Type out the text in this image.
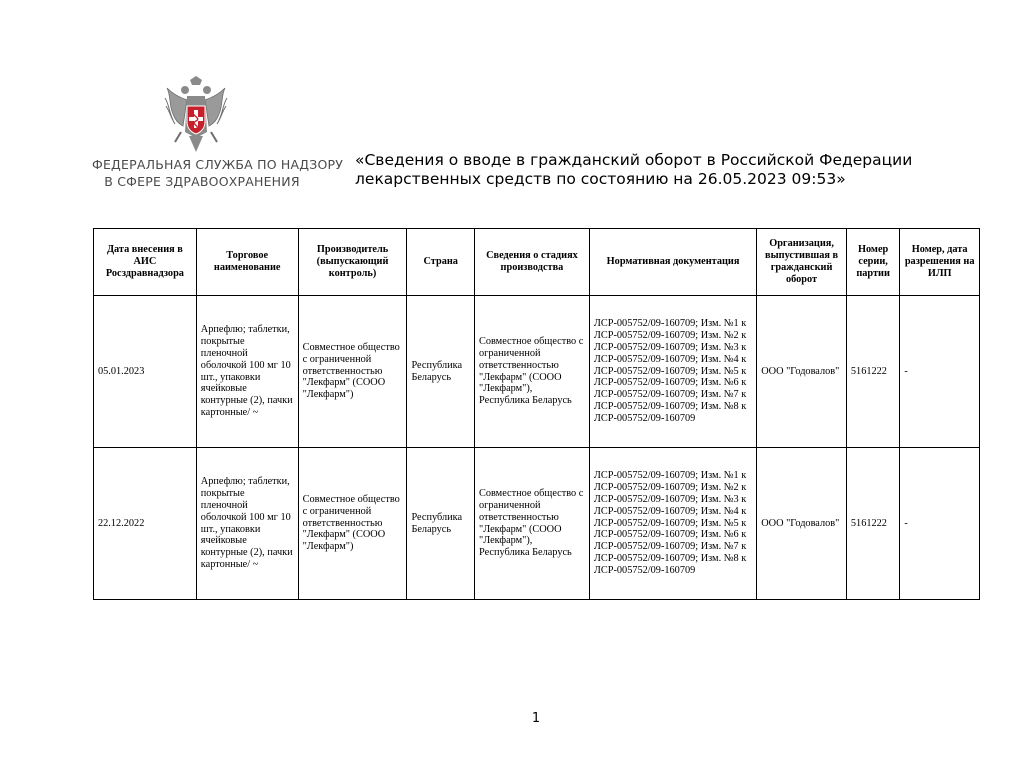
ФЕДЕРАЛЬНАЯ СЛУЖБА ПО НАДЗОРУ
В СФЕРЕ ЗДРАВООХРАНЕНИЯ
«Сведения о вводе в гражданский оборот в Российской Федерации
лекарственных средств по состоянию на 26.05.2023 09:53»
Дата внесения в АИС Росздравнадзора	Торговое наименование	Производитель (выпускающий контроль)	Страна	Сведения о стадиях производства	Нормативная документация	Организация, выпустившая в гражданский оборот	Номер серии, партии	Номер, дата разрешения на ИЛП
05.01.2023	Арпефлю; таблетки, покрытые пленочной оболочкой 100 мг 10 шт., упаковки ячейковые контурные (2), пачки картонные/ ~	Совместное общество с ограниченной ответственностью "Лекфарм" (СООО "Лекфарм")	Республика Беларусь	Совместное общество с ограниченной ответственностью "Лекфарм" (СООО "Лекфарм"), Республика Беларусь	ЛСР-005752/09-160709; Изм. №1 к ЛСР-005752/09-160709; Изм. №2 к ЛСР-005752/09-160709; Изм. №3 к ЛСР-005752/09-160709; Изм. №4 к ЛСР-005752/09-160709; Изм. №5 к ЛСР-005752/09-160709; Изм. №6 к ЛСР-005752/09-160709; Изм. №7 к ЛСР-005752/09-160709; Изм. №8 к ЛСР-005752/09-160709	ООО "Годовалов"	5161222	-
22.12.2022	Арпефлю; таблетки, покрытые пленочной оболочкой 100 мг 10 шт., упаковки ячейковые контурные (2), пачки картонные/ ~	Совместное общество с ограниченной ответственностью "Лекфарм" (СООО "Лекфарм")	Республика Беларусь	Совместное общество с ограниченной ответственностью "Лекфарм" (СООО "Лекфарм"), Республика Беларусь	ЛСР-005752/09-160709; Изм. №1 к ЛСР-005752/09-160709; Изм. №2 к ЛСР-005752/09-160709; Изм. №3 к ЛСР-005752/09-160709; Изм. №4 к ЛСР-005752/09-160709; Изм. №5 к ЛСР-005752/09-160709; Изм. №6 к ЛСР-005752/09-160709; Изм. №7 к ЛСР-005752/09-160709; Изм. №8 к ЛСР-005752/09-160709	ООО "Годовалов"	5161222	-
1
